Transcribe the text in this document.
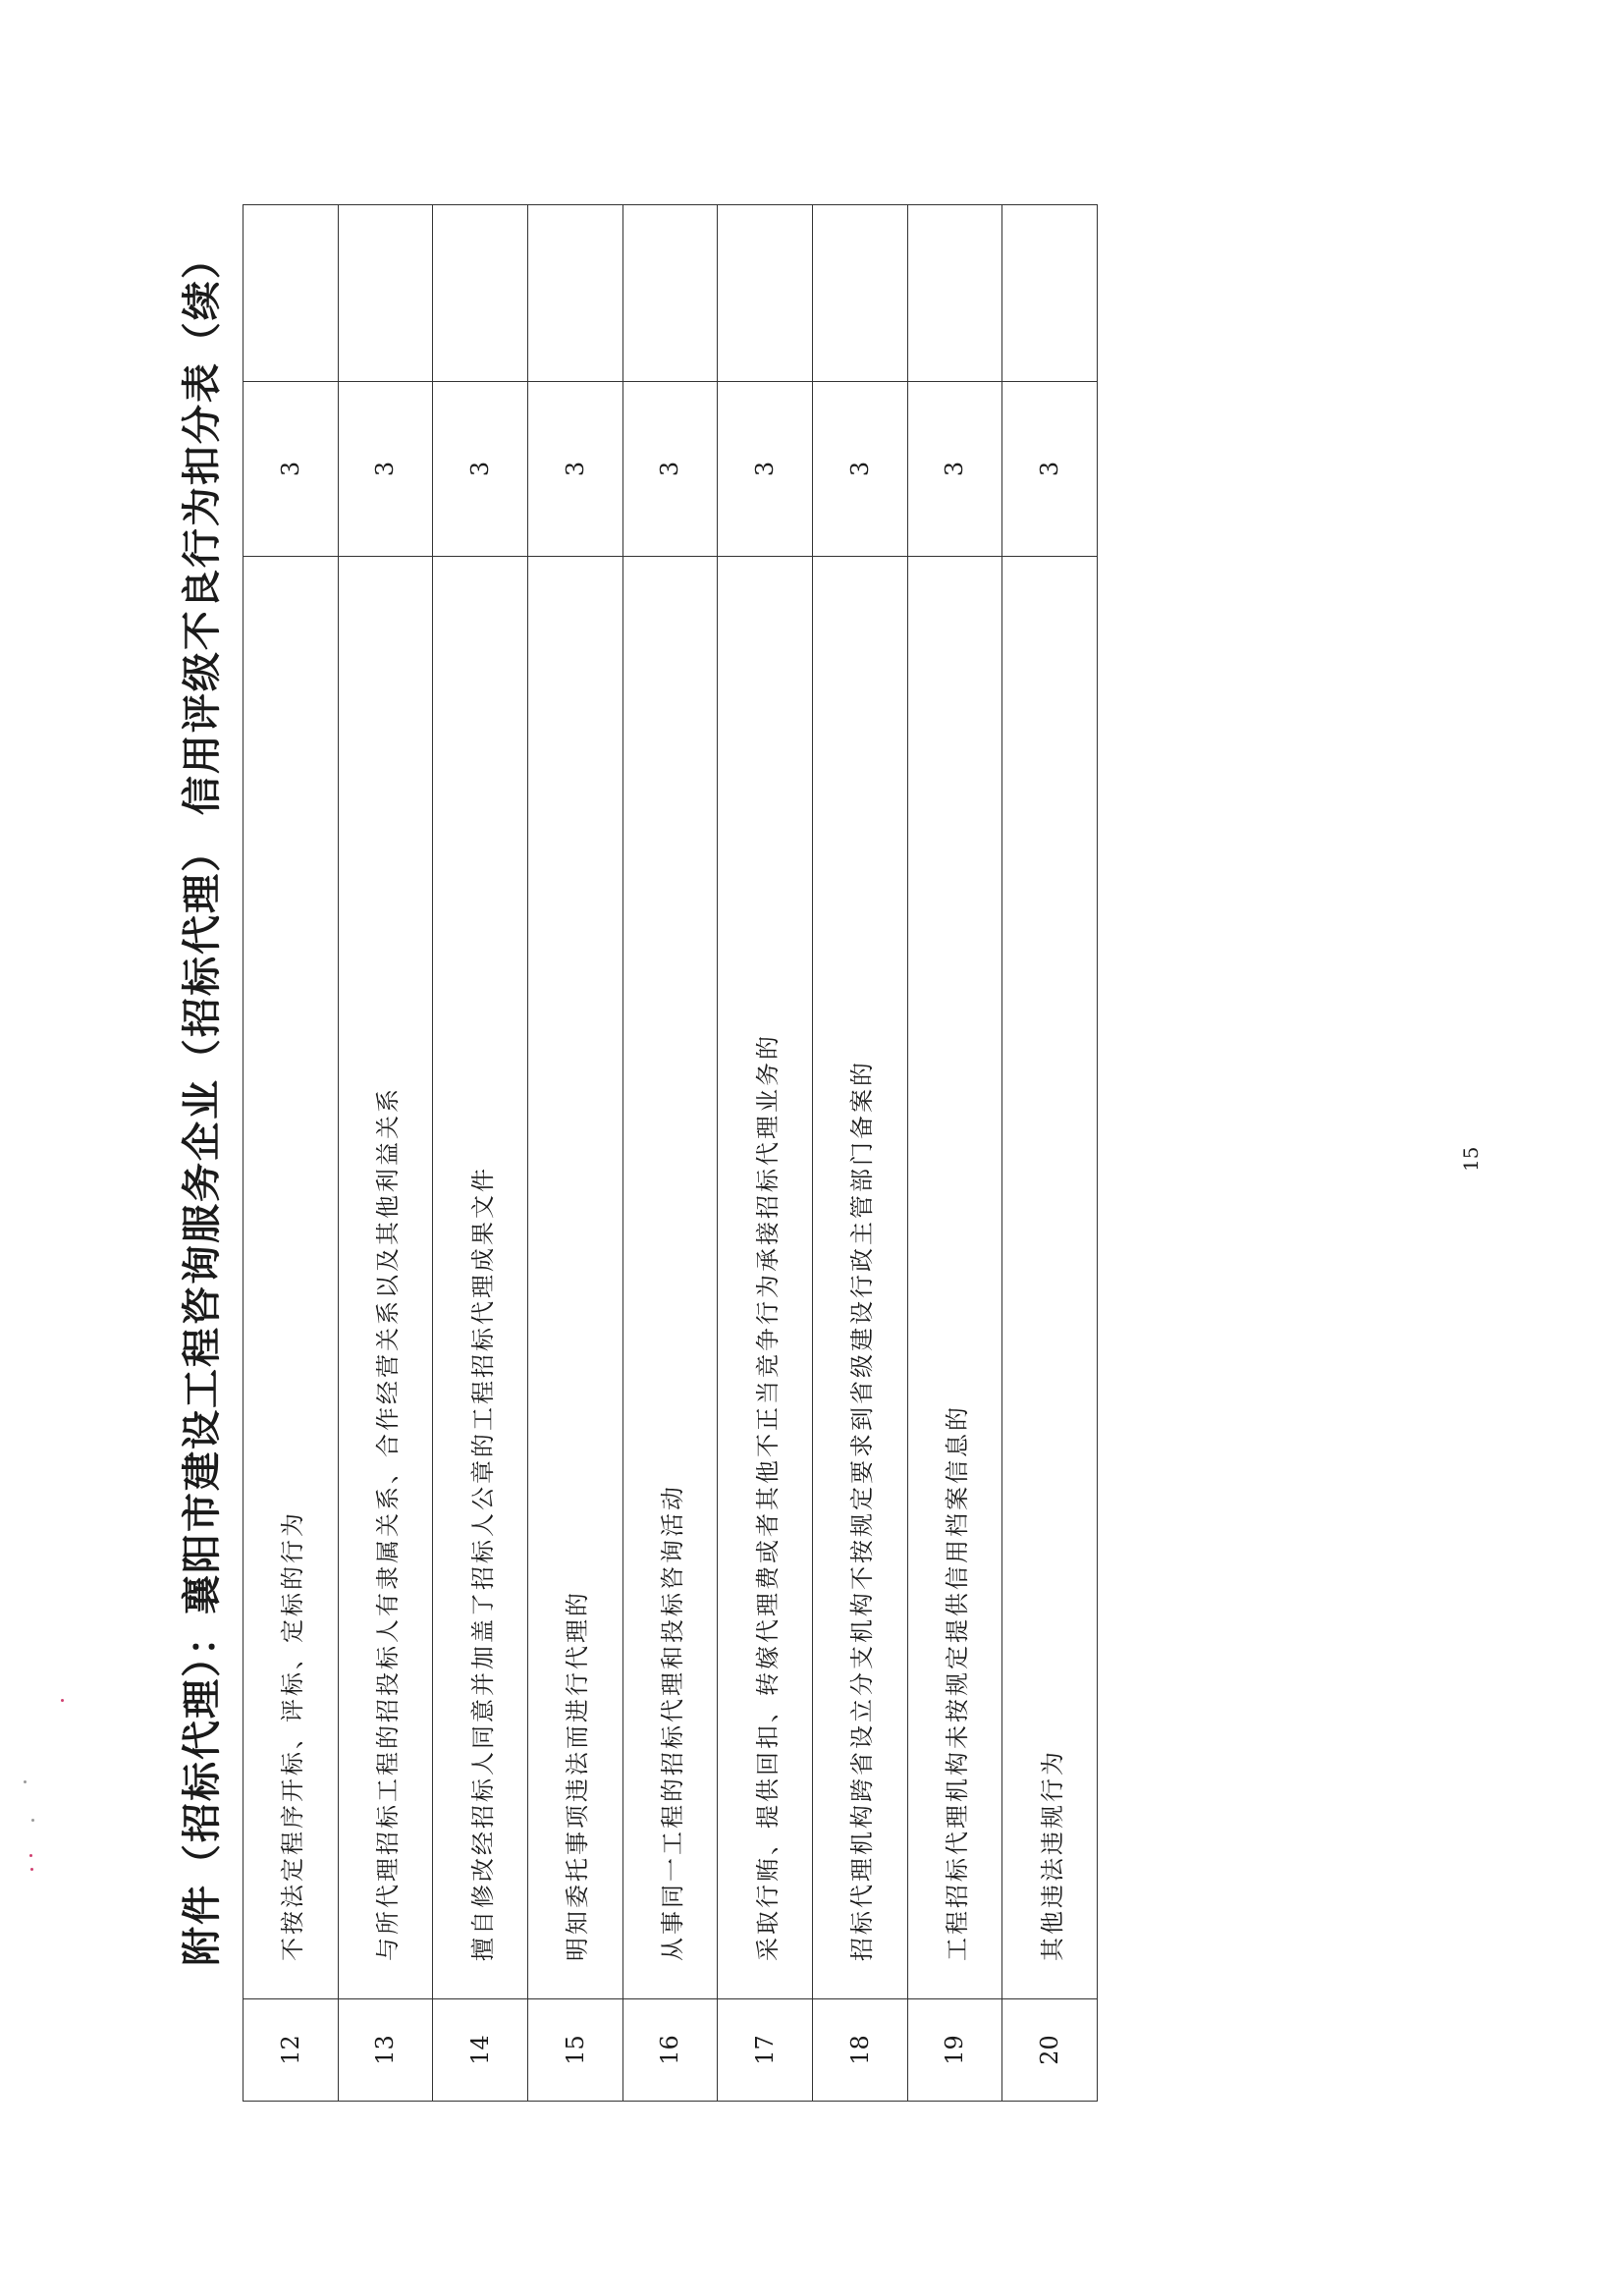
附件（招标代理）：襄阳市建设工程咨询服务企业（招标代理） 信用评级不良行为扣分表（续）
12	不按法定程序开标、评标、定标的行为	3	
13	与所代理招标工程的招投标人有隶属关系、合作经营关系以及其他利益关系	3	
14	擅自修改经招标人同意并加盖了招标人公章的工程招标代理成果文件	3	
15	明知委托事项违法而进行代理的	3	
16	从事同一工程的招标代理和投标咨询活动	3	
17	采取行贿、提供回扣、转嫁代理费或者其他不正当竞争行为承接招标代理业务的	3	
18	招标代理机构跨省设立分支机构不按规定要求到省级建设行政主管部门备案的	3	
19	工程招标代理机构未按规定提供信用档案信息的	3	
20	其他违法违规行为	3	
15
